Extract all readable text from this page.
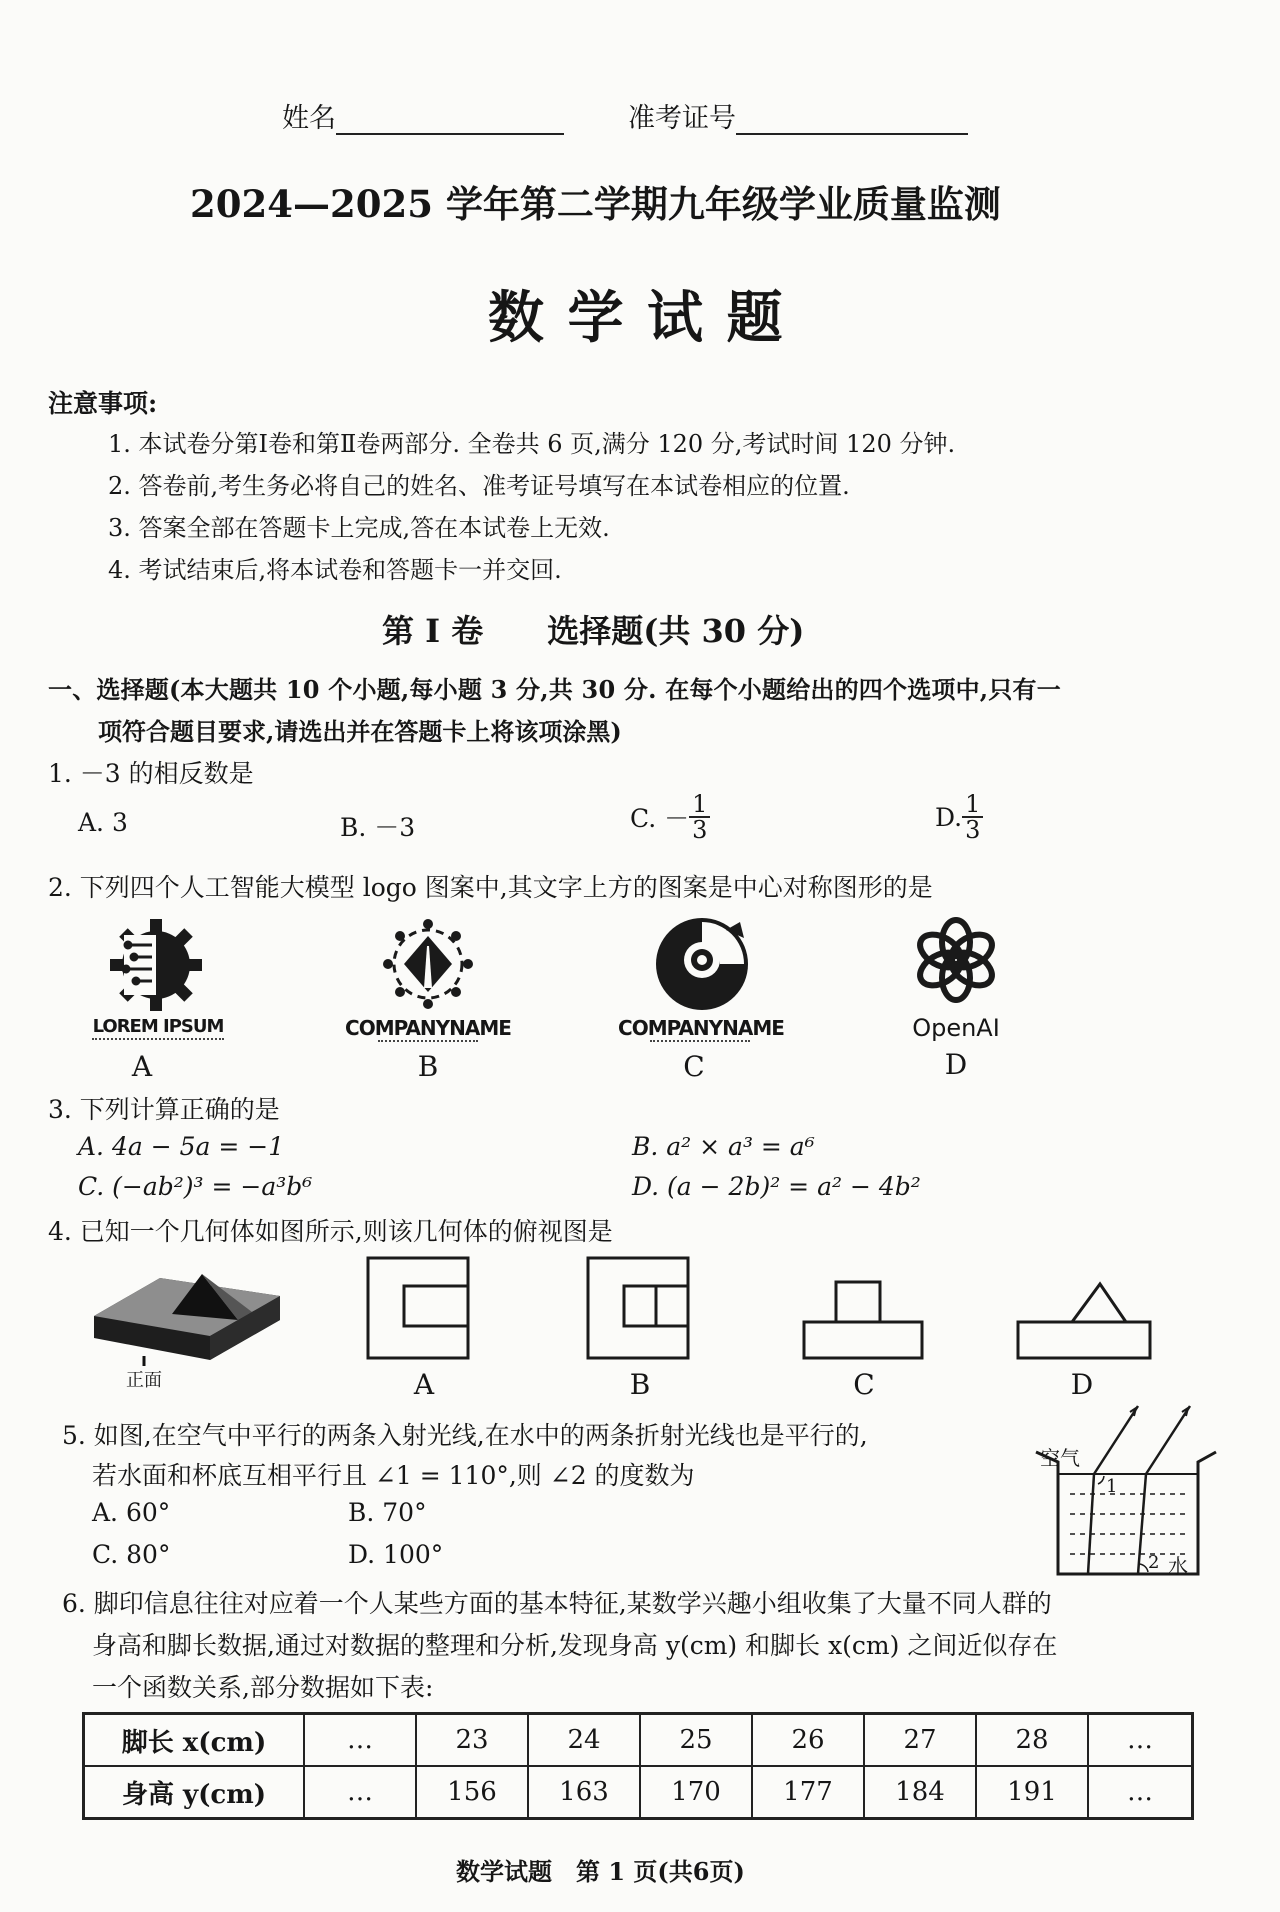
姓名	准考证号
2024—2025 学年第二学期九年级学业质量监测
数 学 试 题
注意事项:
1. 本试卷分第Ⅰ卷和第Ⅱ卷两部分. 全卷共 6 页,满分 120 分,考试时间 120 分钟.
2. 答卷前,考生务必将自己的姓名、准考证号填写在本试卷相应的位置.
3. 答案全部在答题卡上完成,答在本试卷上无效.
4. 考试结束后,将本试卷和答题卡一并交回.
第 Ⅰ 卷　　选择题(共 30 分)
一、选择题(本大题共 10 个小题,每小题 3 分,共 30 分. 在每个小题给出的四个选项中,只有一
项符合题目要求,请选出并在答题卡上将该项涂黑)
1. －3 的相反数是
A. 3	B. －3	C. － $\frac{1}{3}$	D. $\frac{1}{3}$
2. 下列四个人工智能大模型 logo 图案中,其文字上方的图案是中心对称图形的是
LOREM IPSUM
A
COMPANYNAME
B
COMPANYNAME
C
OpenAI
D
3. 下列计算正确的是
A. 4a − 5a = −1	B. a² × a³ = a⁶
C. (−ab²)³ = −a³b⁶	D. (a − 2b)² = a² − 4b²
4. 已知一个几何体如图所示,则该几何体的俯视图是
正面	A	B	C	D
5. 如图,在空气中平行的两条入射光线,在水中的两条折射光线也是平行的,
若水面和杯底互相平行且 ∠1 = 110°,则 ∠2 的度数为
A. 60°	B. 70°
C. 80°	D. 100°
空气
1
2 水
6. 脚印信息往往对应着一个人某些方面的基本特征,某数学兴趣小组收集了大量不同人群的
身高和脚长数据,通过对数据的整理和分析,发现身高 y(cm) 和脚长 x(cm) 之间近似存在
一个函数关系,部分数据如下表:
脚长 x(cm)	…	23	24	25	26	27	28	…
身高 y(cm)	…	156	163	170	177	184	191	…
数学试题　第 1 页(共6页)
